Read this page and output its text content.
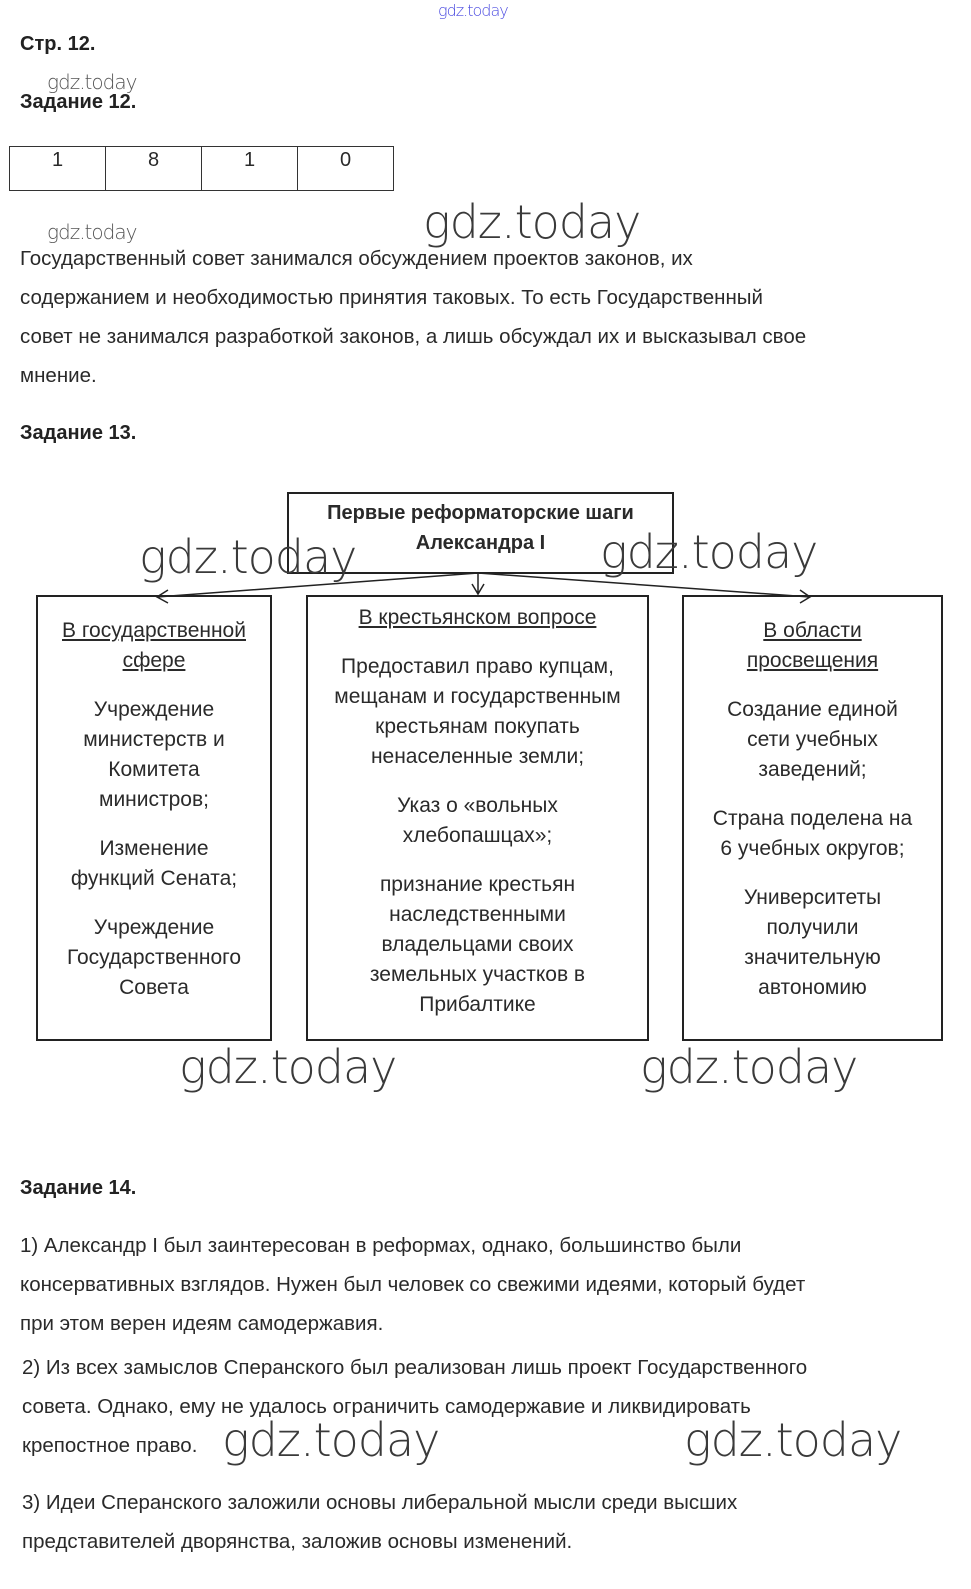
gdz.today
Стр. 12.
gdz.today
Задание 12.
1	8	1	0
gdz.today	gdz.today
Государственный совет занимался обсуждением проектов законов, их
содержанием и необходимостью принятия таковых. То есть Государственный
совет не занимался разработкой законов, а лишь обсуждал их и высказывал свое
мнение.
Задание 13.
Первые реформаторские шаги
Александра I
gdz.today	gdz.today
В государственной
сфере
Учреждение
министерств и
Комитета
министров;
Изменение
функций Сената;
Учреждение
Государственного
Совета
В крестьянском вопросе
Предоставил право купцам,
мещанам и государственным
крестьянам покупать
ненаселенные земли;
Указ о «вольных
хлебопашцах»;
признание крестьян
наследственными
владельцами своих
земельных участков в
Прибалтике
В области
просвещения
Создание единой
сети учебных
заведений;
Страна поделена на
6 учебных округов;
Университеты
получили
значительную
автономию
gdz.today	gdz.today
Задание 14.
1) Александр I был заинтересован в реформах, однако, большинство были
консервативных взглядов. Нужен был человек со свежими идеями, который будет
при этом верен идеям самодержавия.
2) Из всех замыслов Сперанского был реализован лишь проект Государственного
совета. Однако, ему не удалось ограничить самодержавие и ликвидировать
крепостное право.
3) Идеи Сперанского заложили основы либеральной мысли среди высших
представителей дворянства, заложив основы изменений.
gdz.today	gdz.today
